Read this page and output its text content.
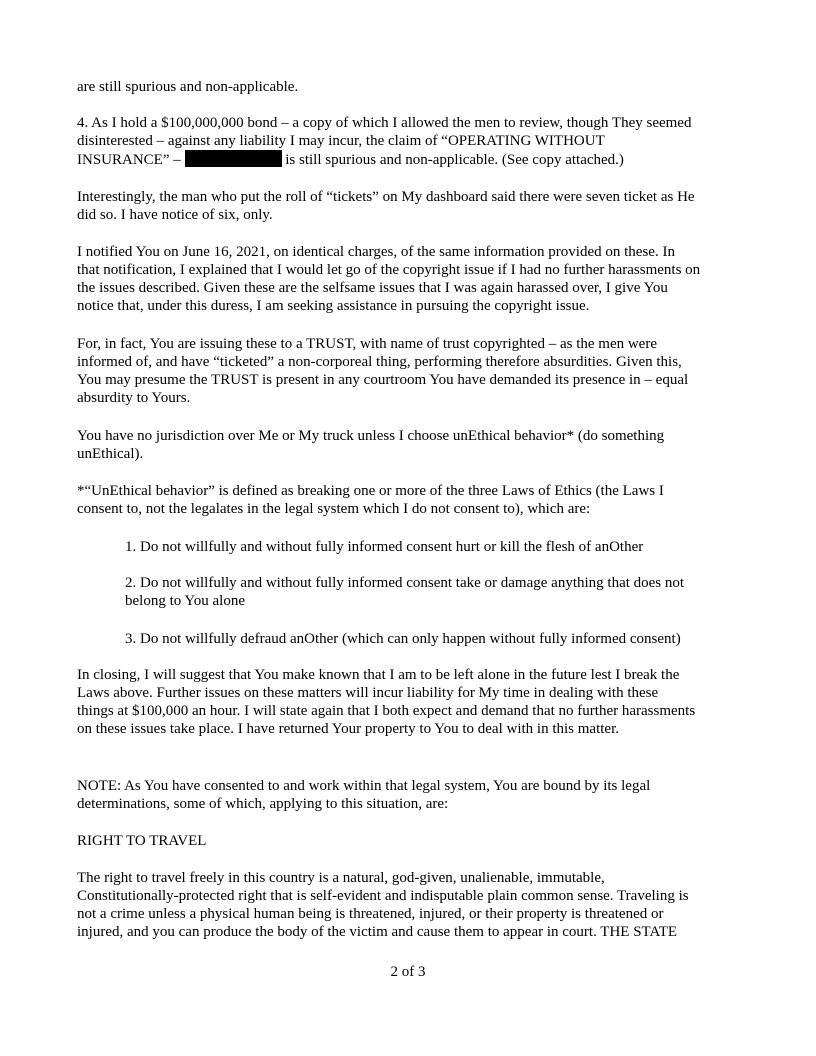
are still spurious and non-applicable.

4. As I hold a $100,000,000 bond – a copy of which I allowed the men to review, though They seemed
disinterested – against any liability I may incur, the claim of “OPERATING WITHOUT
INSURANCE” –	is still spurious and non-applicable. (See copy attached.)

Interestingly, the man who put the roll of “tickets” on My dashboard said there were seven ticket as He
did so. I have notice of six, only.

I notified You on June 16, 2021, on identical charges, of the same information provided on these. In
that notification, I explained that I would let go of the copyright issue if I had no further harassments on
the issues described. Given these are the selfsame issues that I was again harassed over, I give You
notice that, under this duress, I am seeking assistance in pursuing the copyright issue.

For, in fact, You are issuing these to a TRUST, with name of trust copyrighted – as the men were
informed of, and have “ticketed” a non-corporeal thing, performing therefore absurdities. Given this,
You may presume the TRUST is present in any courtroom You have demanded its presence in – equal
absurdity to Yours.

You have no jurisdiction over Me or My truck unless I choose unEthical behavior* (do something
unEthical).

*“UnEthical behavior” is defined as breaking one or more of the three Laws of Ethics (the Laws I
consent to, not the legalates in the legal system which I do not consent to), which are:

1. Do not willfully and without fully informed consent hurt or kill the flesh of anOther

2. Do not willfully and without fully informed consent take or damage anything that does not
belong to You alone

3. Do not willfully defraud anOther (which can only happen without fully informed consent)

In closing, I will suggest that You make known that I am to be left alone in the future lest I break the
Laws above. Further issues on these matters will incur liability for My time in dealing with these
things at $100,000 an hour. I will state again that I both expect and demand that no further harassments
on these issues take place. I have returned Your property to You to deal with in this matter.

NOTE: As You have consented to and work within that legal system, You are bound by its legal
determinations, some of which, applying to this situation, are:

RIGHT TO TRAVEL

The right to travel freely in this country is a natural, god-given, unalienable, immutable,
Constitutionally-protected right that is self-evident and indisputable plain common sense. Traveling is
not a crime unless a physical human being is threatened, injured, or their property is threatened or
injured, and you can produce the body of the victim and cause them to appear in court. THE STATE

2 of 3
